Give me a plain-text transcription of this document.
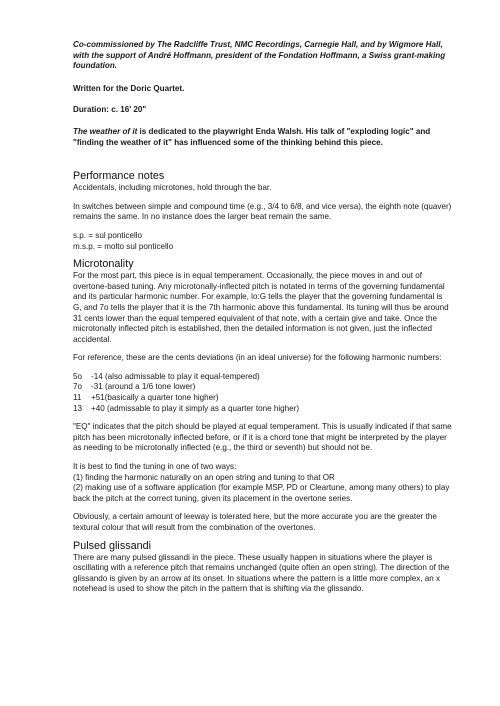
Co-commissioned by The Radcliffe Trust, NMC Recordings, Carnegie Hall, and by Wigmore Hall, with the support of André Hoffmann, president of the Fondation Hoffmann, a Swiss grant-making foundation.

Written for the Doric Quartet.

Duration: c. 16' 20"

The weather of it is dedicated to the playwright Enda Walsh. His talk of "exploding logic" and "finding the weather of it" has influenced some of the thinking behind this piece.

Performance notes

Accidentals, including microtones, hold through the bar.

In switches between simple and compound time (e.g., 3/4 to 6/8, and vice versa), the eighth note (quaver) remains the same. In no instance does the larger beat remain the same.

s.p. = sul ponticello

m.s.p. = molto sul ponticello

Microtonality

For the most part, this piece is in equal temperament. Occasionally, the piece moves in and out of overtone-based tuning. Any microtonally-inflected pitch is notated in terms of the governing fundamental and its particular harmonic number. For example, lo:G tells the player that the governing fundamental is G, and 7o tells the player that it is the 7th harmonic above this fundamental. Its tuning will thus be around 31 cents lower than the equal tempered equivalent of that note, with a certain give and take. Once the microtonally inflected pitch is established, then the detailed information is not given, just the inflected accidental.

For reference, these are the cents deviations (in an ideal universe) for the following harmonic numbers:

5o	-14 (also admissable to play it equal-tempered)
7o	-31 (around a 1/6 tone lower)
11	+51(basically a quarter tone higher)
13	+40 (admissable to play it simply as a quarter tone higher)

"EQ" indicates that the pitch should be played at equal temperament. This is usually indicated if that same pitch has been microtonally inflected before, or if it is a chord tone that might be interpreted by the player as needing to be microtonally inflected (e.g., the third or seventh) but should not be.

It is best to find the tuning in one of two ways:

(1) finding the harmonic naturally on an open string and tuning to that OR

(2) making use of a software application (for example MSP, PD or Cleartune, among many others) to play back the pitch at the correct tuning, given its placement in the overtone series.

Obviously, a certain amount of leeway is tolerated here, but the more accurate you are the greater the textural colour that will result from the combination of the overtones.

Pulsed glissandi

There are many pulsed glissandi in the piece. These usually happen in situations where the player is oscillating with a reference pitch that remains unchanged (quite often an open string). The direction of the glissando is given by an arrow at its onset. In situations where the pattern is a little more complex, an x notehead is used to show the pitch in the pattern that is shifting via the glissando.
